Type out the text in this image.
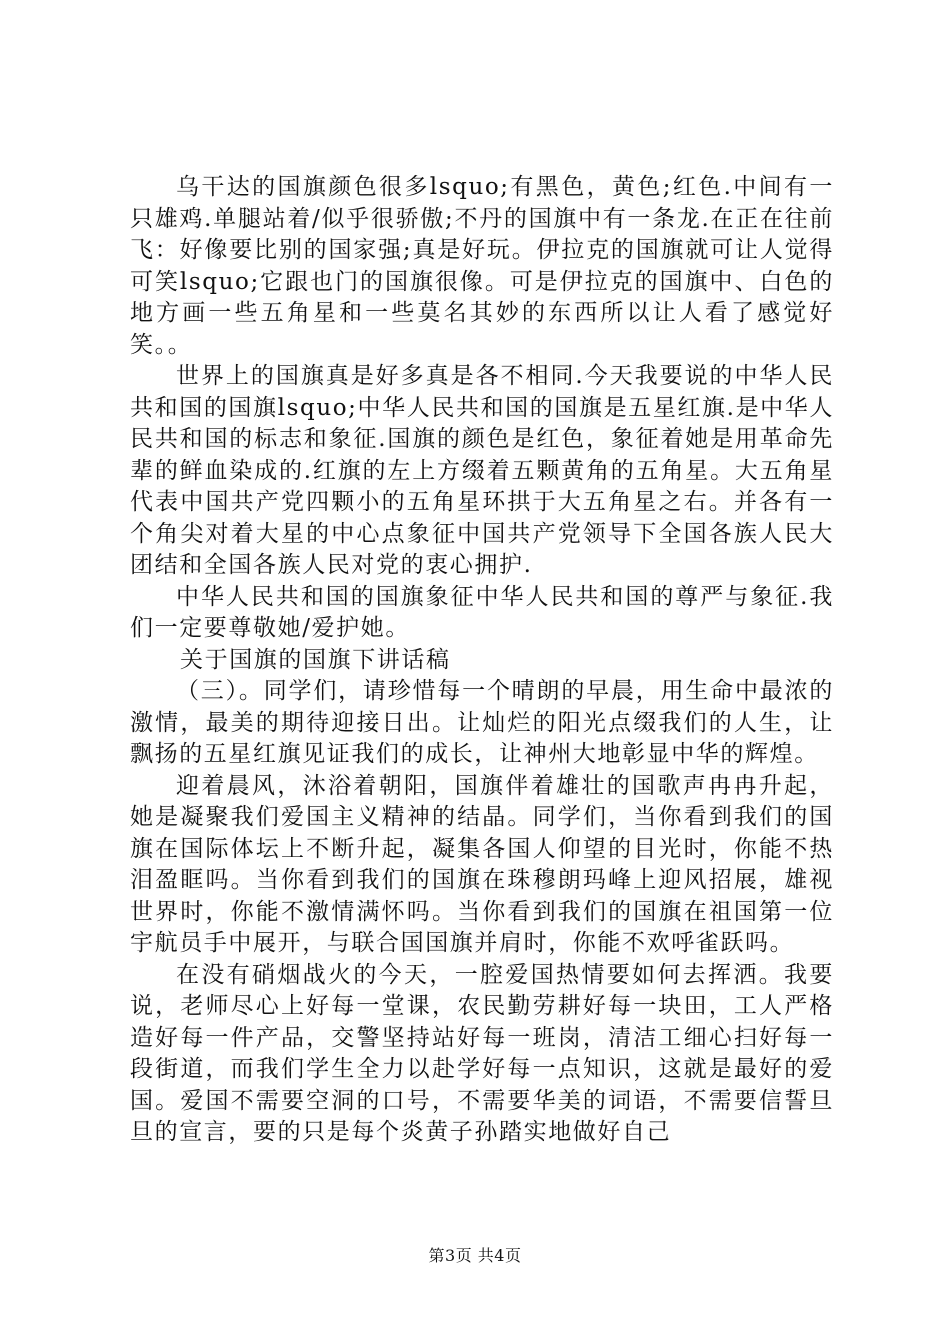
乌干达的国旗颜色很多lsquo;有黑色，黄色;红色.中间有一只雄鸡.单腿站着/似乎很骄傲;不丹的国旗中有一条龙.在正在往前飞：好像要比别的国家强;真是好玩。伊拉克的国旗就可让人觉得可笑lsquo;它跟也门的国旗很像。可是伊拉克的国旗中、白色的地方画一些五角星和一些莫名其妙的东西所以让人看了感觉好笑。。

世界上的国旗真是好多真是各不相同.今天我要说的中华人民共和国的国旗lsquo;中华人民共和国的国旗是五星红旗.是中华人民共和国的标志和象征.国旗的颜色是红色，象征着她是用革命先辈的鲜血染成的.红旗的左上方缀着五颗黄角的五角星。大五角星代表中国共产党四颗小的五角星环拱于大五角星之右。并各有一个角尖对着大星的中心点象征中国共产党领导下全国各族人民大团结和全国各族人民对党的衷心拥护.

中华人民共和国的国旗象征中华人民共和国的尊严与象征.我们一定要尊敬她/爱护她。

关于国旗的国旗下讲话稿

（三）。同学们，请珍惜每一个晴朗的早晨，用生命中最浓的激情，最美的期待迎接日出。让灿烂的阳光点缀我们的人生，让飘扬的五星红旗见证我们的成长，让神州大地彰显中华的辉煌。

迎着晨风，沐浴着朝阳，国旗伴着雄壮的国歌声冉冉升起，她是凝聚我们爱国主义精神的结晶。同学们，当你看到我们的国旗在国际体坛上不断升起，凝集各国人仰望的目光时，你能不热泪盈眶吗。当你看到我们的国旗在珠穆朗玛峰上迎风招展，雄视世界时，你能不激情满怀吗。当你看到我们的国旗在祖国第一位宇航员手中展开，与联合国国旗并肩时，你能不欢呼雀跃吗。

在没有硝烟战火的今天，一腔爱国热情要如何去挥洒。我要说，老师尽心上好每一堂课，农民勤劳耕好每一块田，工人严格造好每一件产品，交警坚持站好每一班岗，清洁工细心扫好每一段街道，而我们学生全力以赴学好每一点知识，这就是最好的爱国。爱国不需要空洞的口号，不需要华美的词语，不需要信誓旦旦的宣言，要的只是每个炎黄子孙踏实地做好自己

第3页 共4页
